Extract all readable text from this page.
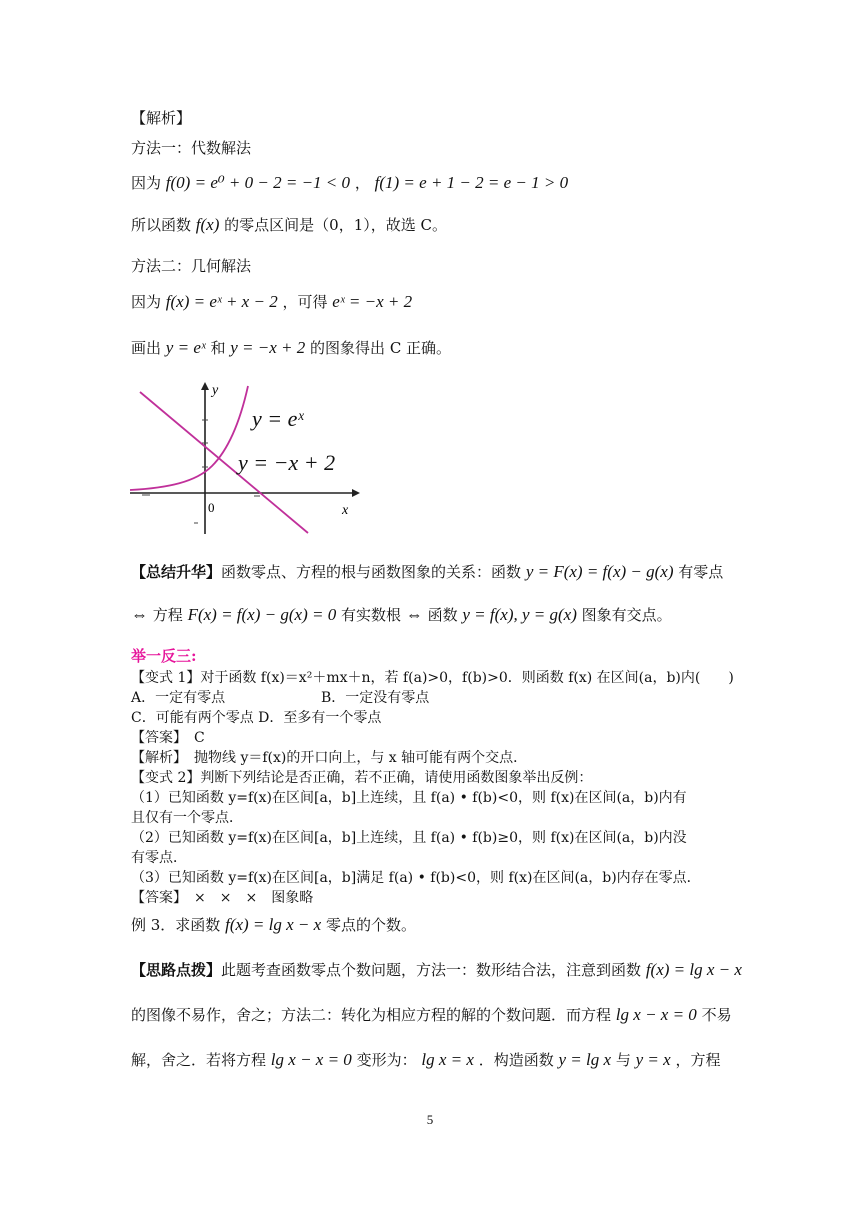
【解析】
方法一：代数解法
因为 f(0) = e⁰ + 0 − 2 = −1 < 0 ， f(1) = e + 1 − 2 = e − 1 > 0
所以函数 f(x) 的零点区间是（0，1），故选 C。
方法二：几何解法
因为 f(x) = eˣ + x − 2 ，可得 eˣ = −x + 2
画出 y = eˣ 和 y = −x + 2 的图象得出 C 正确。
y
x
0
y = eˣ
y = −x + 2
【总结升华】函数零点、方程的根与函数图象的关系：函数 y = F(x) = f(x) − g(x) 有零点
⇔ 方程 F(x) = f(x) − g(x) = 0 有实数根 ⇔ 函数 y = f(x), y = g(x) 图象有交点。
举一反三:
【变式 1】对于函数 f(x)＝x²＋mx＋n，若 f(a)>0，f(b)>0．则函数 f(x) 在区间(a，b)内(　　)
A．一定有零点	B．一定没有零点
C．可能有两个零点 D．至多有一个零点
【答案】　C
【解析】　抛物线 y＝f(x)的开口向上，与 x 轴可能有两个交点．
【变式 2】判断下列结论是否正确，若不正确，请使用函数图象举出反例：
（1）已知函数 y=f(x)在区间[a，b]上连续，且 f(a) • f(b)<0，则 f(x)在区间(a，b)内有
且仅有一个零点．
（2）已知函数 y=f(x)在区间[a，b]上连续，且 f(a) • f(b)≥0，则 f(x)在区间(a，b)内没
有零点．
（3）已知函数 y=f(x)在区间[a，b]满足 f(a) • f(b)<0，则 f(x)在区间(a，b)内存在零点．
【答案】　×　×　×　图象略
例 3．求函数 f(x) = lg x − x 零点的个数。
【思路点拨】此题考查函数零点个数问题，方法一：数形结合法，注意到函数 f(x) = lg x − x
的图像不易作，舍之；方法二：转化为相应方程的解的个数问题．而方程 lg x − x = 0 不易
解，舍之．若将方程 lg x − x = 0 变形为： lg x = x ．构造函数 y = lg x 与 y = x ，方程
5
